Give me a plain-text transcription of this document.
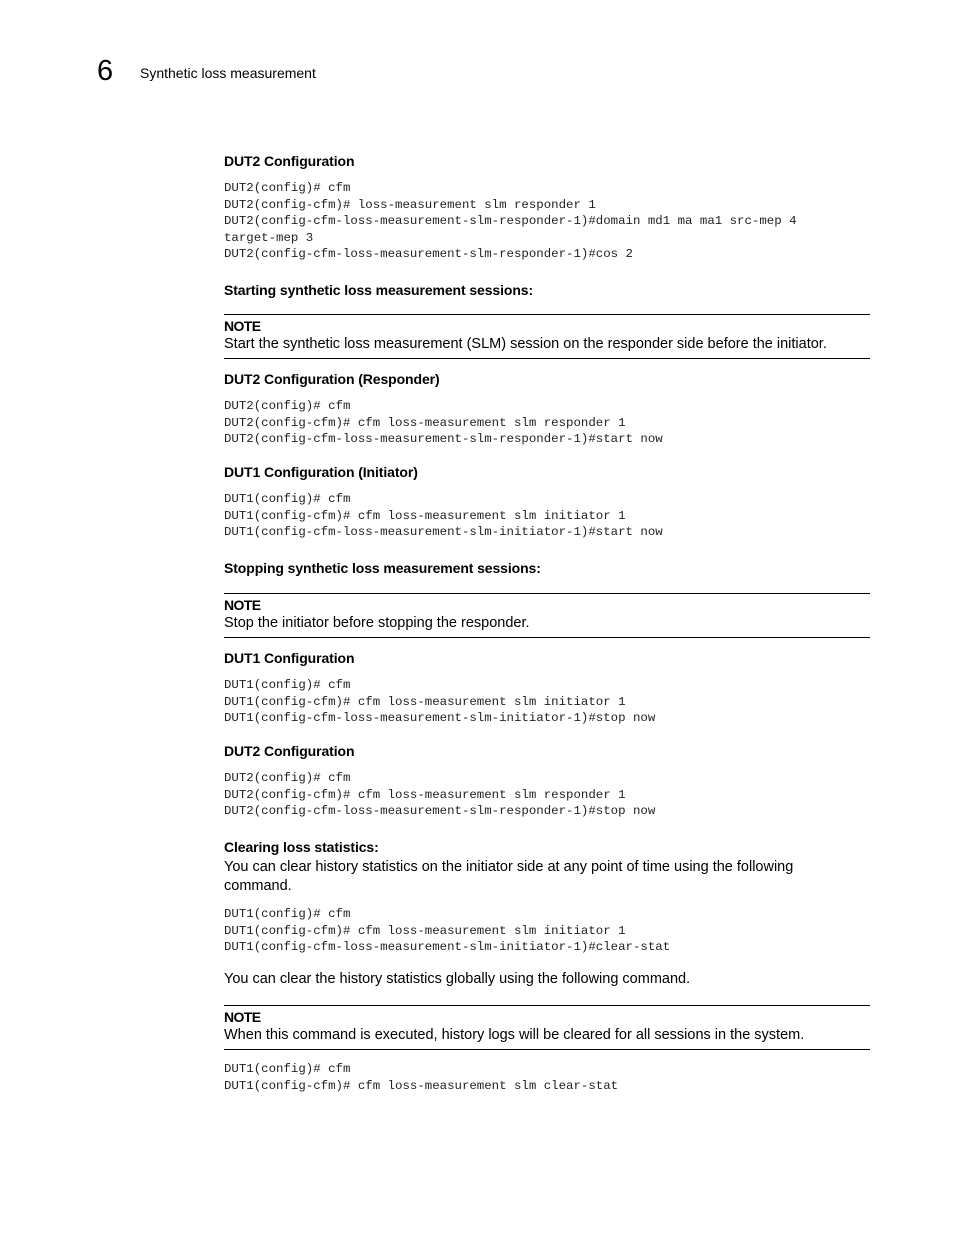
6 Synthetic loss measurement
DUT2 Configuration
DUT2(config)# cfm
DUT2(config-cfm)# loss-measurement slm responder 1
DUT2(config-cfm-loss-measurement-slm-responder-1)#domain md1 ma ma1 src-mep 4
target-mep 3
DUT2(config-cfm-loss-measurement-slm-responder-1)#cos 2
Starting synthetic loss measurement sessions:
NOTE
Start the synthetic loss measurement (SLM) session on the responder side before the initiator.
DUT2 Configuration (Responder)
DUT2(config)# cfm
DUT2(config-cfm)# cfm loss-measurement slm responder 1
DUT2(config-cfm-loss-measurement-slm-responder-1)#start now
DUT1 Configuration (Initiator)
DUT1(config)# cfm
DUT1(config-cfm)# cfm loss-measurement slm initiator 1
DUT1(config-cfm-loss-measurement-slm-initiator-1)#start now
Stopping synthetic loss measurement sessions:
NOTE
Stop the initiator before stopping the responder.
DUT1 Configuration
DUT1(config)# cfm
DUT1(config-cfm)# cfm loss-measurement slm initiator 1
DUT1(config-cfm-loss-measurement-slm-initiator-1)#stop now
DUT2 Configuration
DUT2(config)# cfm
DUT2(config-cfm)# cfm loss-measurement slm responder 1
DUT2(config-cfm-loss-measurement-slm-responder-1)#stop now
Clearing loss statistics:
You can clear history statistics on the initiator side at any point of time using the following command.
DUT1(config)# cfm
DUT1(config-cfm)# cfm loss-measurement slm initiator 1
DUT1(config-cfm-loss-measurement-slm-initiator-1)#clear-stat
You can clear the history statistics globally using the following command.
NOTE
When this command is executed, history logs will be cleared for all sessions in the system.
DUT1(config)# cfm
DUT1(config-cfm)# cfm loss-measurement slm clear-stat
